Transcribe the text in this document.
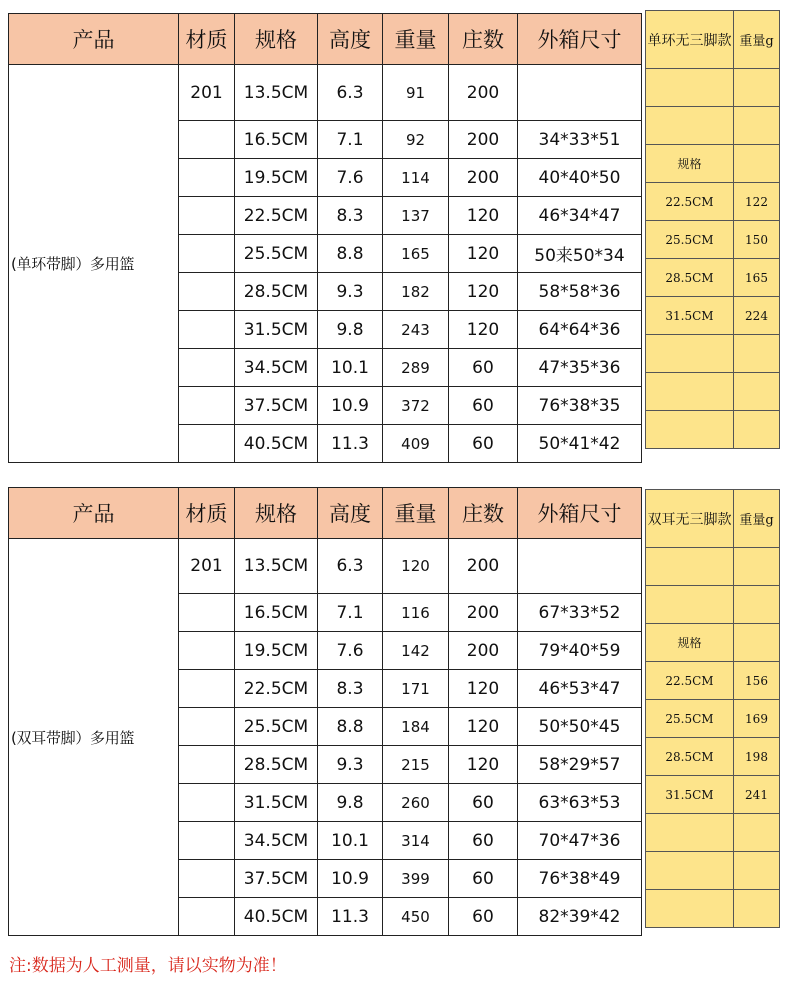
产品	材质	规格	高度	重量	庄数	外箱尺寸
(单环带脚）多用篮	201	13.5CM	6.3	91	200	
		16.5CM	7.1	92	200	34*33*51
		19.5CM	7.6	114	200	40*40*50
		22.5CM	8.3	137	120	46*34*47
		25.5CM	8.8	165	120	50来50*34
		28.5CM	9.3	182	120	58*58*36
		31.5CM	9.8	243	120	64*64*36
		34.5CM	10.1	289	60	47*35*36
		37.5CM	10.9	372	60	76*38*35
		40.5CM	11.3	409	60	50*41*42
产品	材质	规格	高度	重量	庄数	外箱尺寸
(双耳带脚）多用篮	201	13.5CM	6.3	120	200	
		16.5CM	7.1	116	200	67*33*52
		19.5CM	7.6	142	200	79*40*59
		22.5CM	8.3	171	120	46*53*47
		25.5CM	8.8	184	120	50*50*45
		28.5CM	9.3	215	120	58*29*57
		31.5CM	9.8	260	60	63*63*53
		34.5CM	10.1	314	60	70*47*36
		37.5CM	10.9	399	60	76*38*49
		40.5CM	11.3	450	60	82*39*42
单环无三脚款	重量g

规格	
22.5CM	122
25.5CM	150
28.5CM	165
31.5CM	224

双耳无三脚款	重量g

规格	
22.5CM	156
25.5CM	169
28.5CM	198
31.5CM	241

注:数据为人工测量，请以实物为准！
